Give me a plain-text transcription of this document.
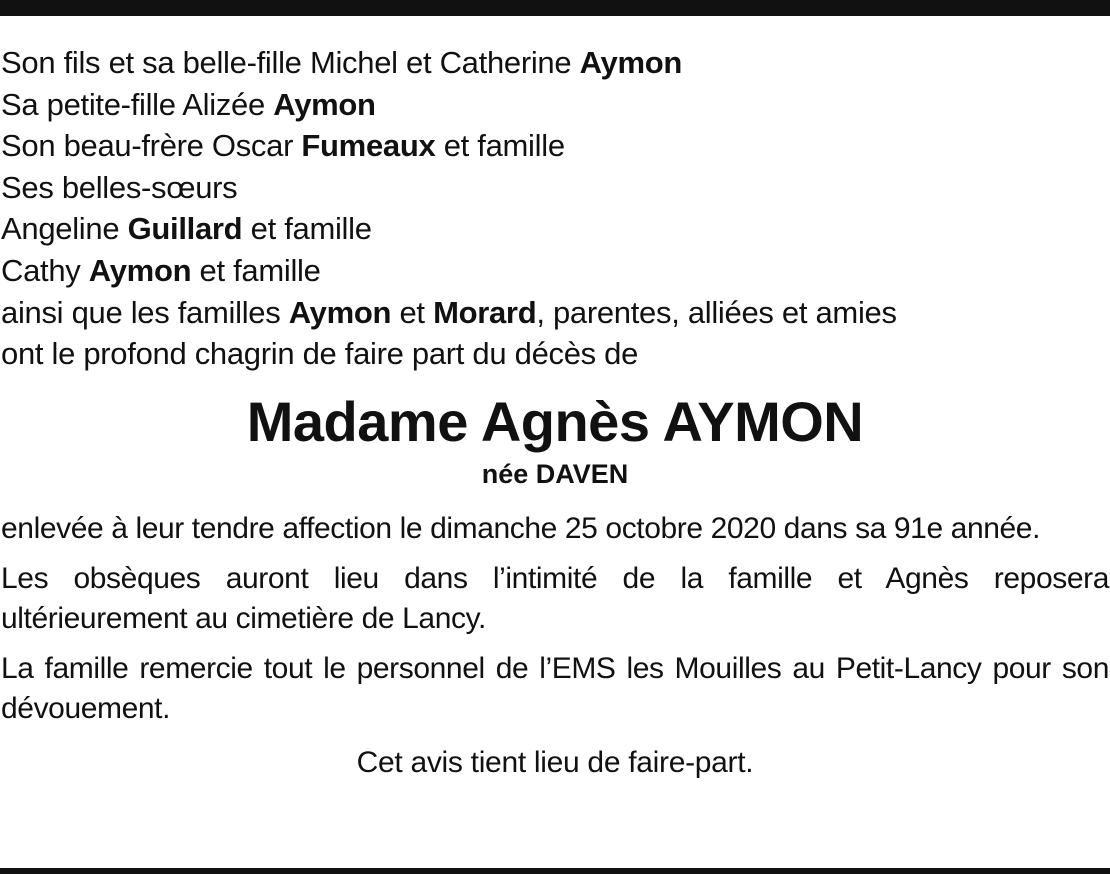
Son fils et sa belle-fille Michel et Catherine Aymon
Sa petite-fille Alizée Aymon
Son beau-frère Oscar Fumeaux et famille
Ses belles-sœurs
Angeline Guillard et famille
Cathy Aymon et famille
ainsi que les familles Aymon et Morard, parentes, alliées et amies
ont le profond chagrin de faire part du décès de
Madame Agnès AYMON
née DAVEN
enlevée à leur tendre affection le dimanche 25 octobre 2020 dans sa 91e année.
Les obsèques auront lieu dans l’intimité de la famille et Agnès reposera ultérieurement au cimetière de Lancy.
La famille remercie tout le personnel de l’EMS les Mouilles au Petit-Lancy pour son dévouement.
Cet avis tient lieu de faire-part.
